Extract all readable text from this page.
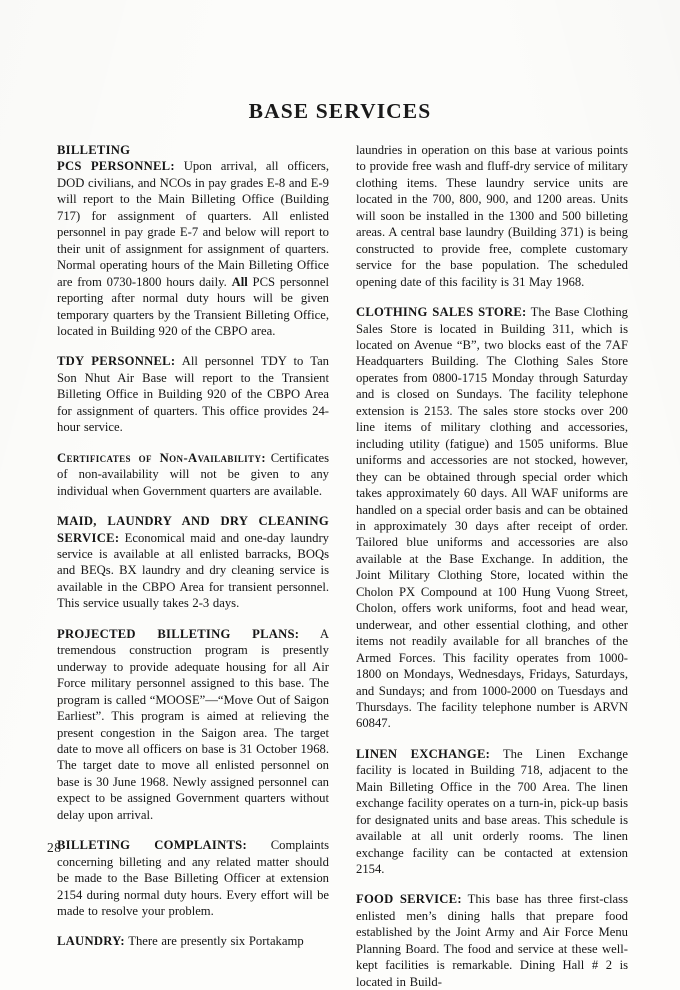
BASE SERVICES

BILLETING

PCS PERSONNEL: Upon arrival, all officers, DOD civilians, and NCOs in pay grades E-8 and E-9 will report to the Main Billeting Office (Building 717) for assignment of quarters. All enlisted personnel in pay grade E-7 and below will report to their unit of assignment for assignment of quarters. Normal operating hours of the Main Billeting Office are from 0730-1800 hours daily. All PCS personnel reporting after normal duty hours will be given temporary quarters by the Transient Billeting Office, located in Building 920 of the CBPO area.

TDY PERSONNEL: All personnel TDY to Tan Son Nhut Air Base will report to the Transient Billeting Office in Building 920 of the CBPO Area for assignment of quarters. This office provides 24-hour service.

Certificates of Non-Availability: Certificates of non-availability will not be given to any individual when Government quarters are available.

MAID, LAUNDRY AND DRY CLEANING SERVICE: Economical maid and one-day laundry service is available at all enlisted barracks, BOQs and BEQs. BX laundry and dry cleaning service is available in the CBPO Area for transient personnel. This service usually takes 2-3 days.

PROJECTED BILLETING PLANS: A tremendous construction program is presently underway to provide adequate housing for all Air Force military personnel assigned to this base. The program is called “MOOSE”—“Move Out of Saigon Earliest”. This program is aimed at relieving the present congestion in the Saigon area. The target date to move all officers on base is 31 October 1968. The target date to move all enlisted personnel on base is 30 June 1968. Newly assigned personnel can expect to be assigned Government quarters without delay upon arrival.

BILLETING COMPLAINTS: Complaints concerning billeting and any related matter should be made to the Base Billeting Officer at extension 2154 during normal duty hours. Every effort will be made to resolve your problem.

LAUNDRY: There are presently six Portakamp

laundries in operation on this base at various points to provide free wash and fluff-dry service of military clothing items. These laundry service units are located in the 700, 800, 900, and 1200 areas. Units will soon be installed in the 1300 and 500 billeting areas. A central base laundry (Building 371) is being constructed to provide free, complete customary service for the base population. The scheduled opening date of this facility is 31 May 1968.

CLOTHING SALES STORE: The Base Clothing Sales Store is located in Building 311, which is located on Avenue “B”, two blocks east of the 7AF Headquarters Building. The Clothing Sales Store operates from 0800-1715 Monday through Saturday and is closed on Sundays. The facility telephone extension is 2153. The sales store stocks over 200 line items of military clothing and accessories, including utility (fatigue) and 1505 uniforms. Blue uniforms and accessories are not stocked, however, they can be obtained through special order which takes approximately 60 days. All WAF uniforms are handled on a special order basis and can be obtained in approximately 30 days after receipt of order. Tailored blue uniforms and accessories are also available at the Base Exchange. In addition, the Joint Military Clothing Store, located within the Cholon PX Compound at 100 Hung Vuong Street, Cholon, offers work uniforms, foot and head wear, underwear, and other essential clothing, and other items not readily available for all branches of the Armed Forces. This facility operates from 1000-1800 on Mondays, Wednesdays, Fridays, Saturdays, and Sundays; and from 1000-2000 on Tuesdays and Thursdays. The facility telephone number is ARVN 60847.

LINEN EXCHANGE: The Linen Exchange facility is located in Building 718, adjacent to the Main Billeting Office in the 700 Area. The linen exchange facility operates on a turn-in, pick-up basis for designated units and base areas. This schedule is available at all unit orderly rooms. The linen exchange facility can be contacted at extension 2154.

FOOD SERVICE: This base has three first-class enlisted men’s dining halls that prepare food established by the Joint Army and Air Force Menu Planning Board. The food and service at these well-kept facilities is remarkable. Dining Hall # 2 is located in Build-

28
